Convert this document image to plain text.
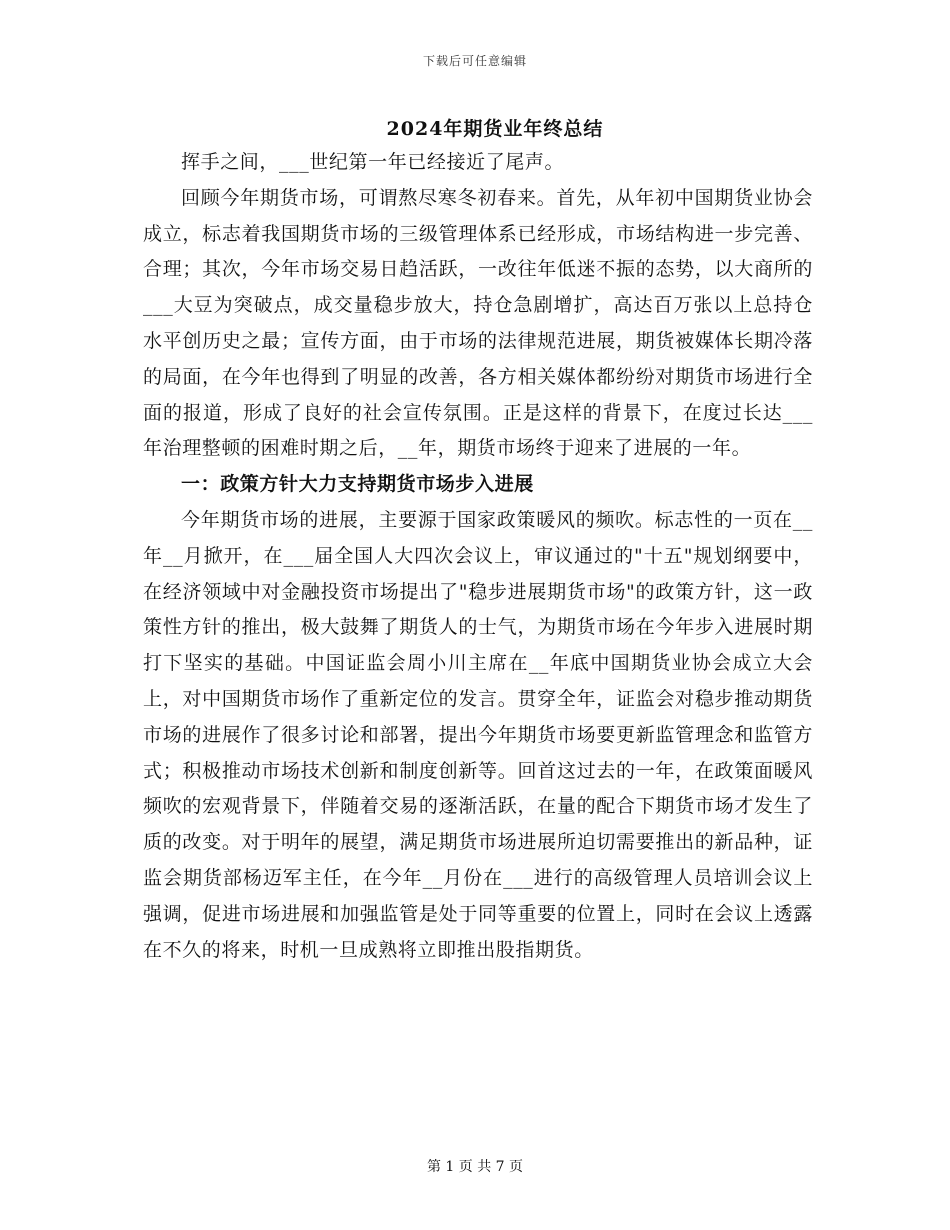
下载后可任意编辑
2024年期货业年终总结

挥手之间，___世纪第一年已经接近了尾声。

回顾今年期货市场，可谓熬尽寒冬初春来。首先，从年初中国期货业协会成立，标志着我国期货市场的三级管理体系已经形成，市场结构进一步完善、合理；其次，今年市场交易日趋活跃，一改往年低迷不振的态势，以大商所的___大豆为突破点，成交量稳步放大，持仓急剧增扩，高达百万张以上总持仓水平创历史之最；宣传方面，由于市场的法律规范进展，期货被媒体长期冷落的局面，在今年也得到了明显的改善，各方相关媒体都纷纷对期货市场进行全面的报道，形成了良好的社会宣传氛围。正是这样的背景下，在度过长达___年治理整顿的困难时期之后，__年，期货市场终于迎来了进展的一年。

一：政策方针大力支持期货市场步入进展

今年期货市场的进展，主要源于国家政策暖风的频吹。标志性的一页在__年__月掀开，在___届全国人大四次会议上，审议通过的"十五"规划纲要中，在经济领域中对金融投资市场提出了"稳步进展期货市场"的政策方针，这一政策性方针的推出，极大鼓舞了期货人的士气，为期货市场在今年步入进展时期打下坚实的基础。中国证监会周小川主席在__年底中国期货业协会成立大会上，对中国期货市场作了重新定位的发言。贯穿全年，证监会对稳步推动期货市场的进展作了很多讨论和部署，提出今年期货市场要更新监管理念和监管方式；积极推动市场技术创新和制度创新等。回首这过去的一年，在政策面暖风频吹的宏观背景下，伴随着交易的逐渐活跃，在量的配合下期货市场才发生了质的改变。对于明年的展望，满足期货市场进展所迫切需要推出的新品种，证监会期货部杨迈军主任，在今年__月份在___进行的高级管理人员培训会议上强调，促进市场进展和加强监管是处于同等重要的位置上，同时在会议上透露在不久的将来，时机一旦成熟将立即推出股指期货。

第 1 页 共 7 页
